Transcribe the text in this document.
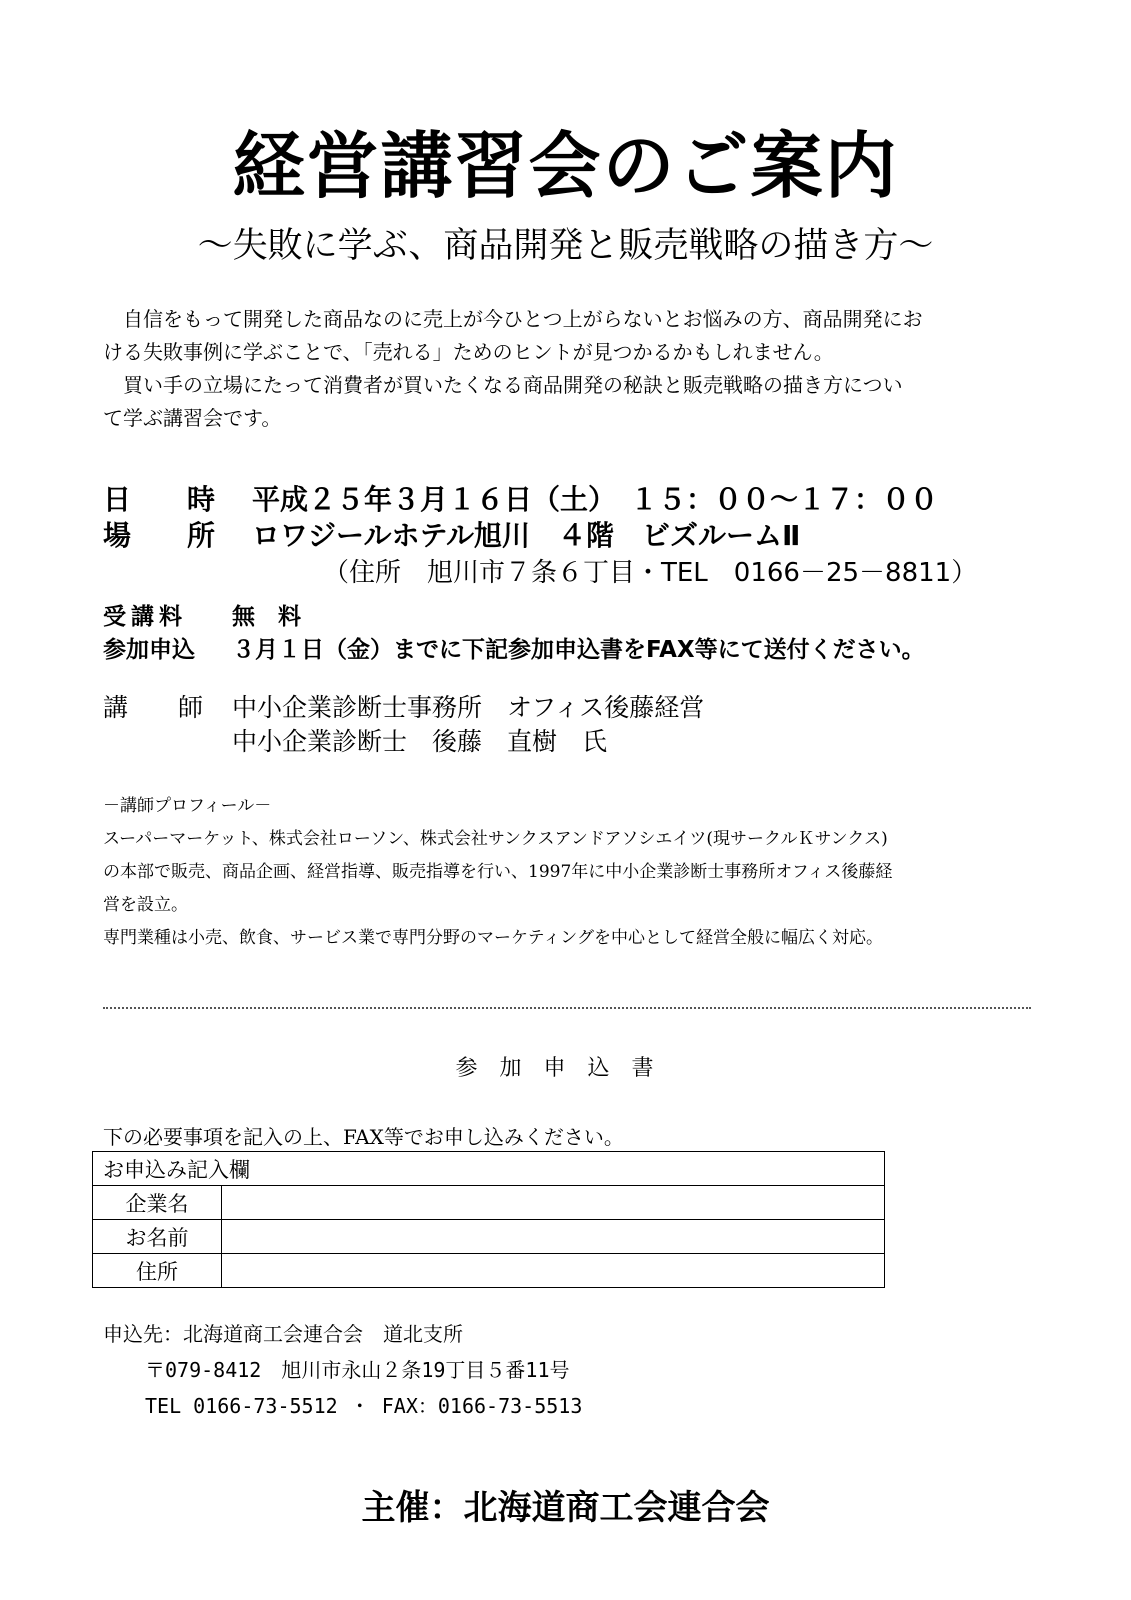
経営講習会のご案内
～失敗に学ぶ、商品開発と販売戦略の描き方～
　自信をもって開発した商品なのに売上が今ひとつ上がらないとお悩みの方、商品開発にお
ける失敗事例に学ぶことで、「売れる」ためのヒントが見つかるかもしれません。
　買い手の立場にたって消費者が買いたくなる商品開発の秘訣と販売戦略の描き方につい
て学ぶ講習会です。
日　　時 平成２５年３月１６日（土）　１５：００～１７：００
場　　所 ロワジールホテル旭川　４階　ビズルームⅡ
（住所　旭川市７条６丁目・TEL　0166－25－8811）
受講料 無　料
参加申込 ３月１日（金）までに下記参加申込書をFAX等にて送付ください。
講　　師 中小企業診断士事務所　オフィス後藤経営
中小企業診断士　後藤　直樹　氏
－講師プロフィール－
スーパーマーケット、株式会社ローソン、株式会社サンクスアンドアソシエイツ(現サークルＫサンクス)
の本部で販売、商品企画、経営指導、販売指導を行い、1997年に中小企業診断士事務所オフィス後藤経
営を設立。
専門業種は小売、飲食、サービス業で専門分野のマーケティングを中心として経営全般に幅広く対応。
参加申込書
下の必要事項を記入の上、FAX等でお申し込みください。
お申込み記入欄	
企業名	
お名前	
住所	
申込先：北海道商工会連合会　道北支所
〒079-8412　旭川市永山２条19丁目５番11号
TEL 0166-73-5512 ・ FAX：0166-73-5513
主催：北海道商工会連合会
